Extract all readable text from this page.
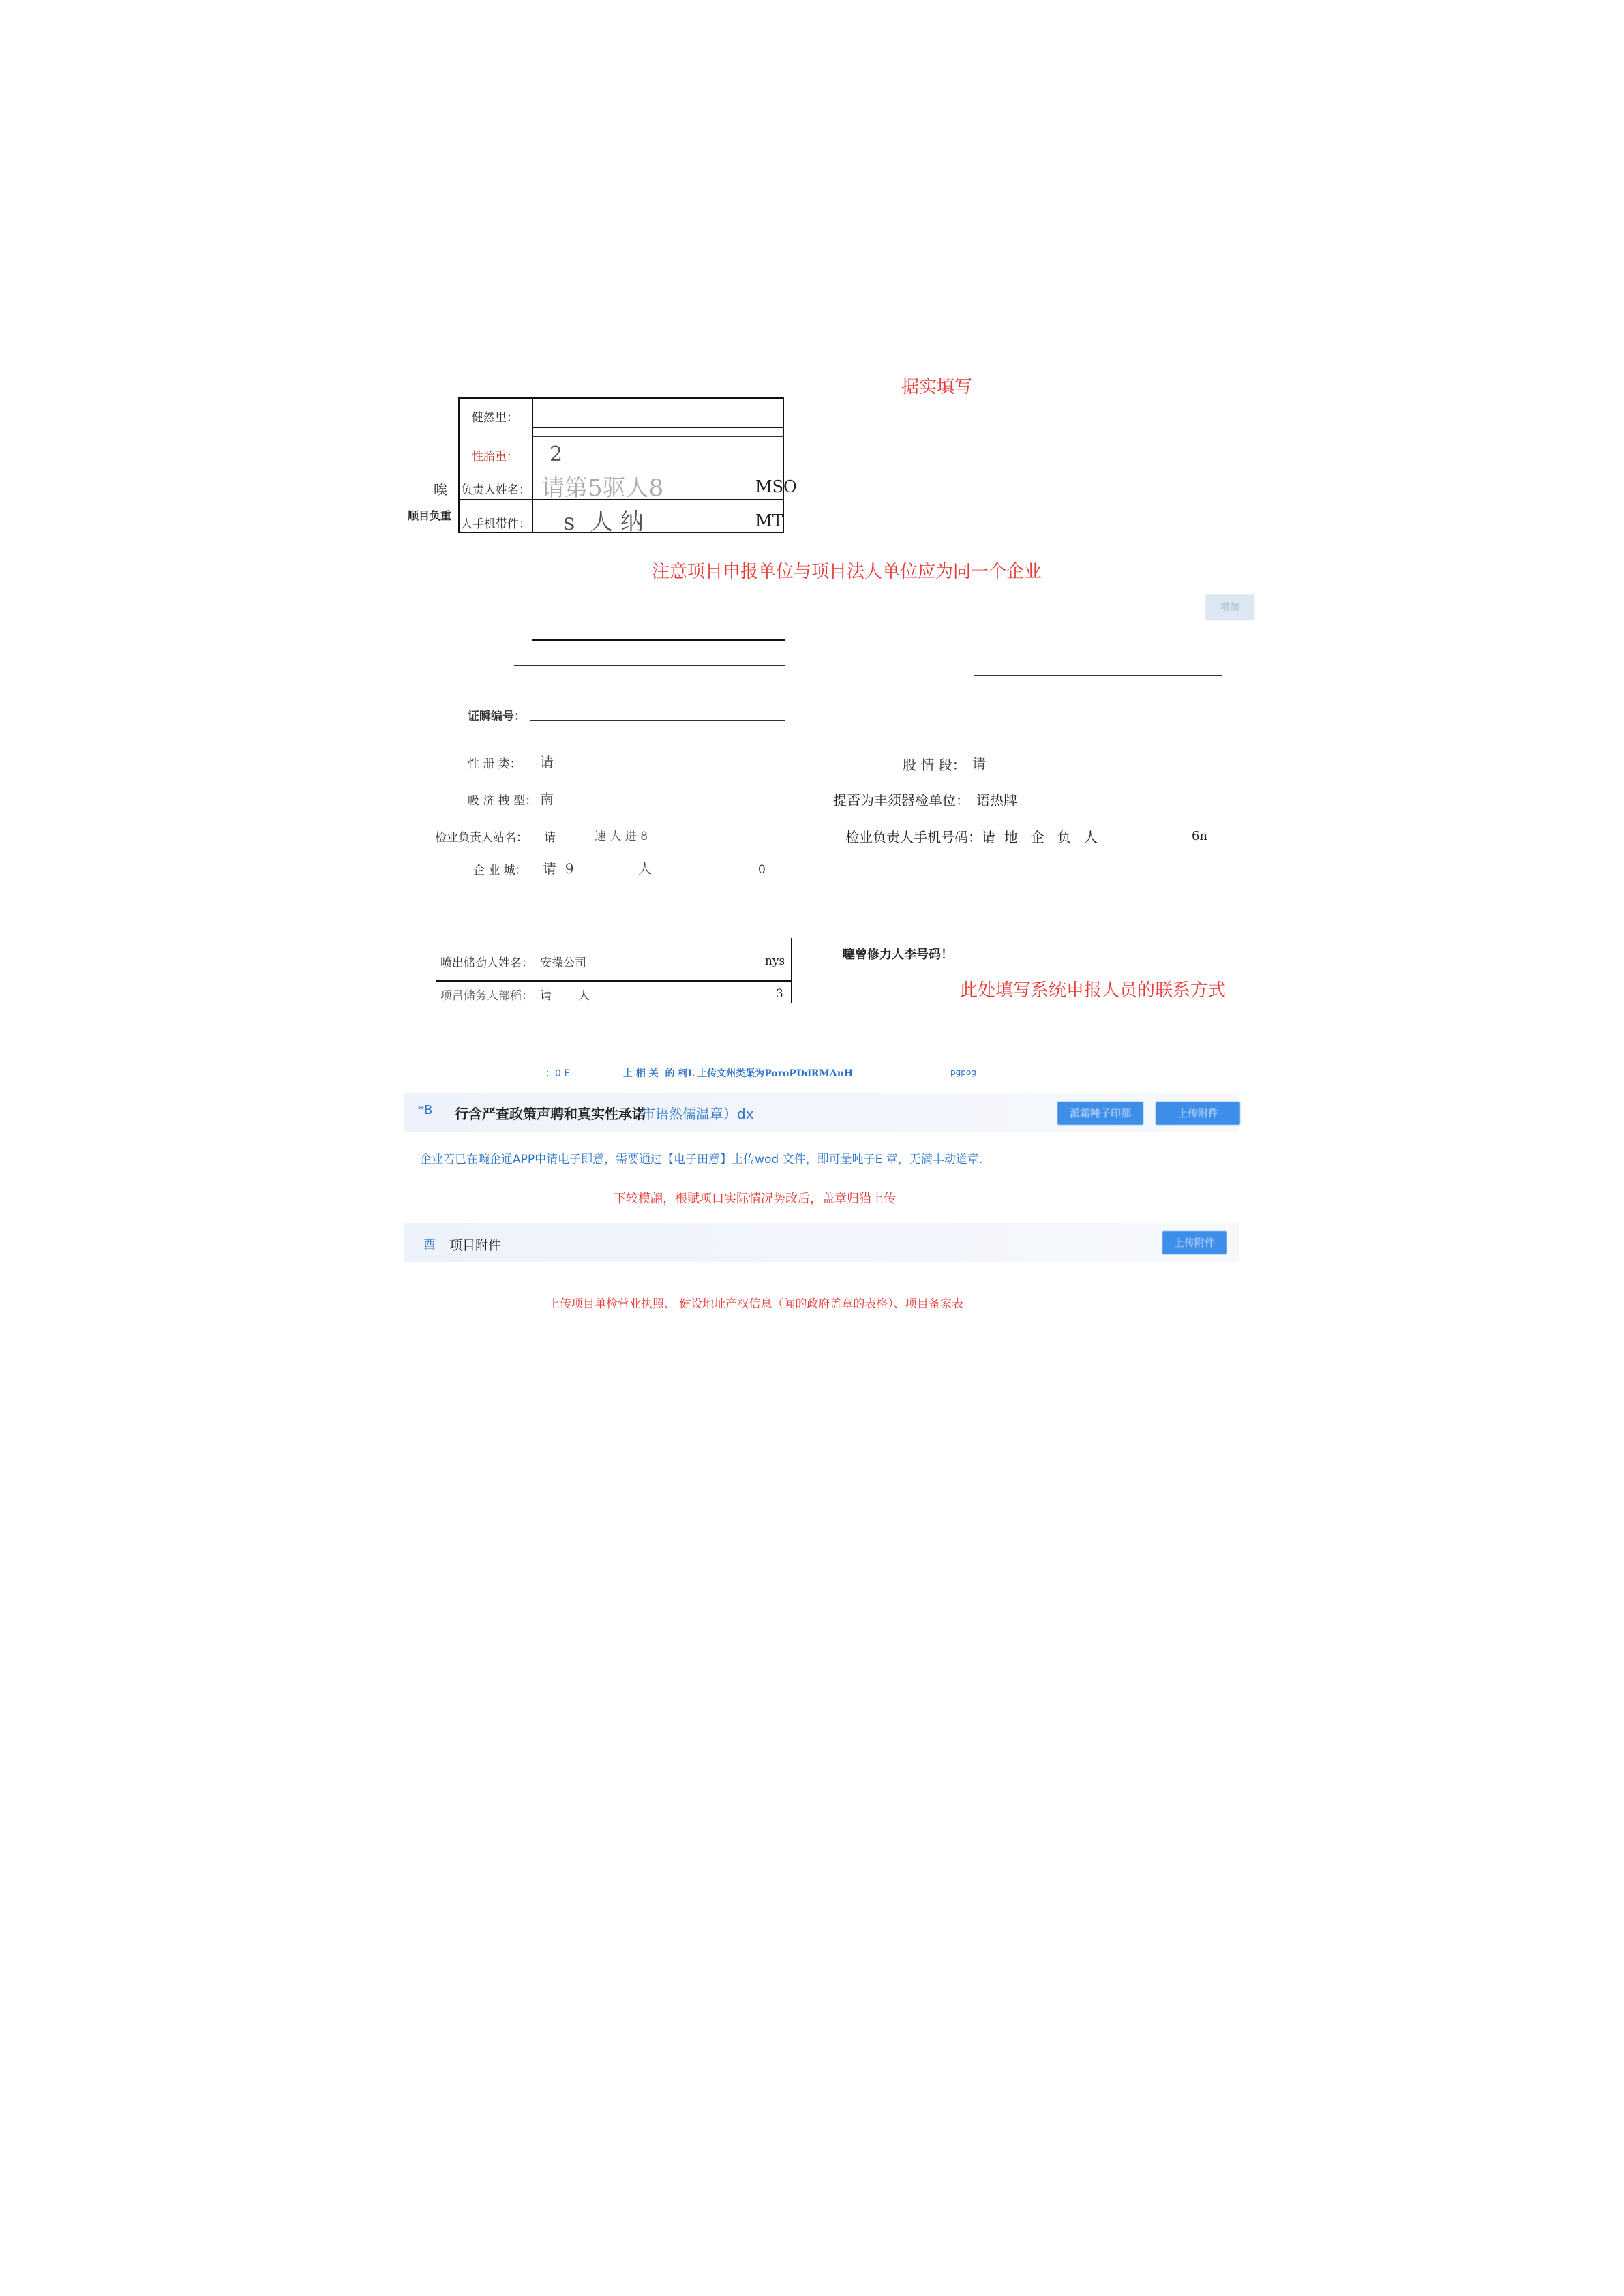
据实填写
健然里：
性胎重： 2
负责人姓名： 请第5驱人8	MSO
人手机带件： s  人 纳	MT
唉
顺目负重
注意项目申报单位与项目法人单位应为同一个企业
增加
证瞬编号：
性 册 类： 请	股 情 段： 请
吸 济 拽 型： 南	提否为丰须器检单位： 语热牌
检业负责人站名： 请	速 人 进 8	检业负责人手机号码： 请  地   企   负   人	6n
企 业 城： 请  9	人	0
喷出储劲人姓名： 安操公司	nys
项吕储务人部稻： 请 人	3
噻曾修力人李号码！
此处填写系统申报人员的联系方式
：0 E	上 相 关  的 柯L 上传文州类渠为PoroPDdRMAnH	pgpog
*B 行含严查政策声聘和真实性承诺
市语然儒温章）dx	派霜吨子印那	上传附件
企业若已在畹企通APP中请电子即意，需要通过【电子田意】上传wod 文件，即可量吨子E 章，无满丰动道章.
下较模翩，根賦项口实际情况势改后，盖章归猫上传
酉 项目附件	上传附件
上传项目单检营业执照、 健设地址产权信息（闻的政府盖章的表格）、项目备家表
